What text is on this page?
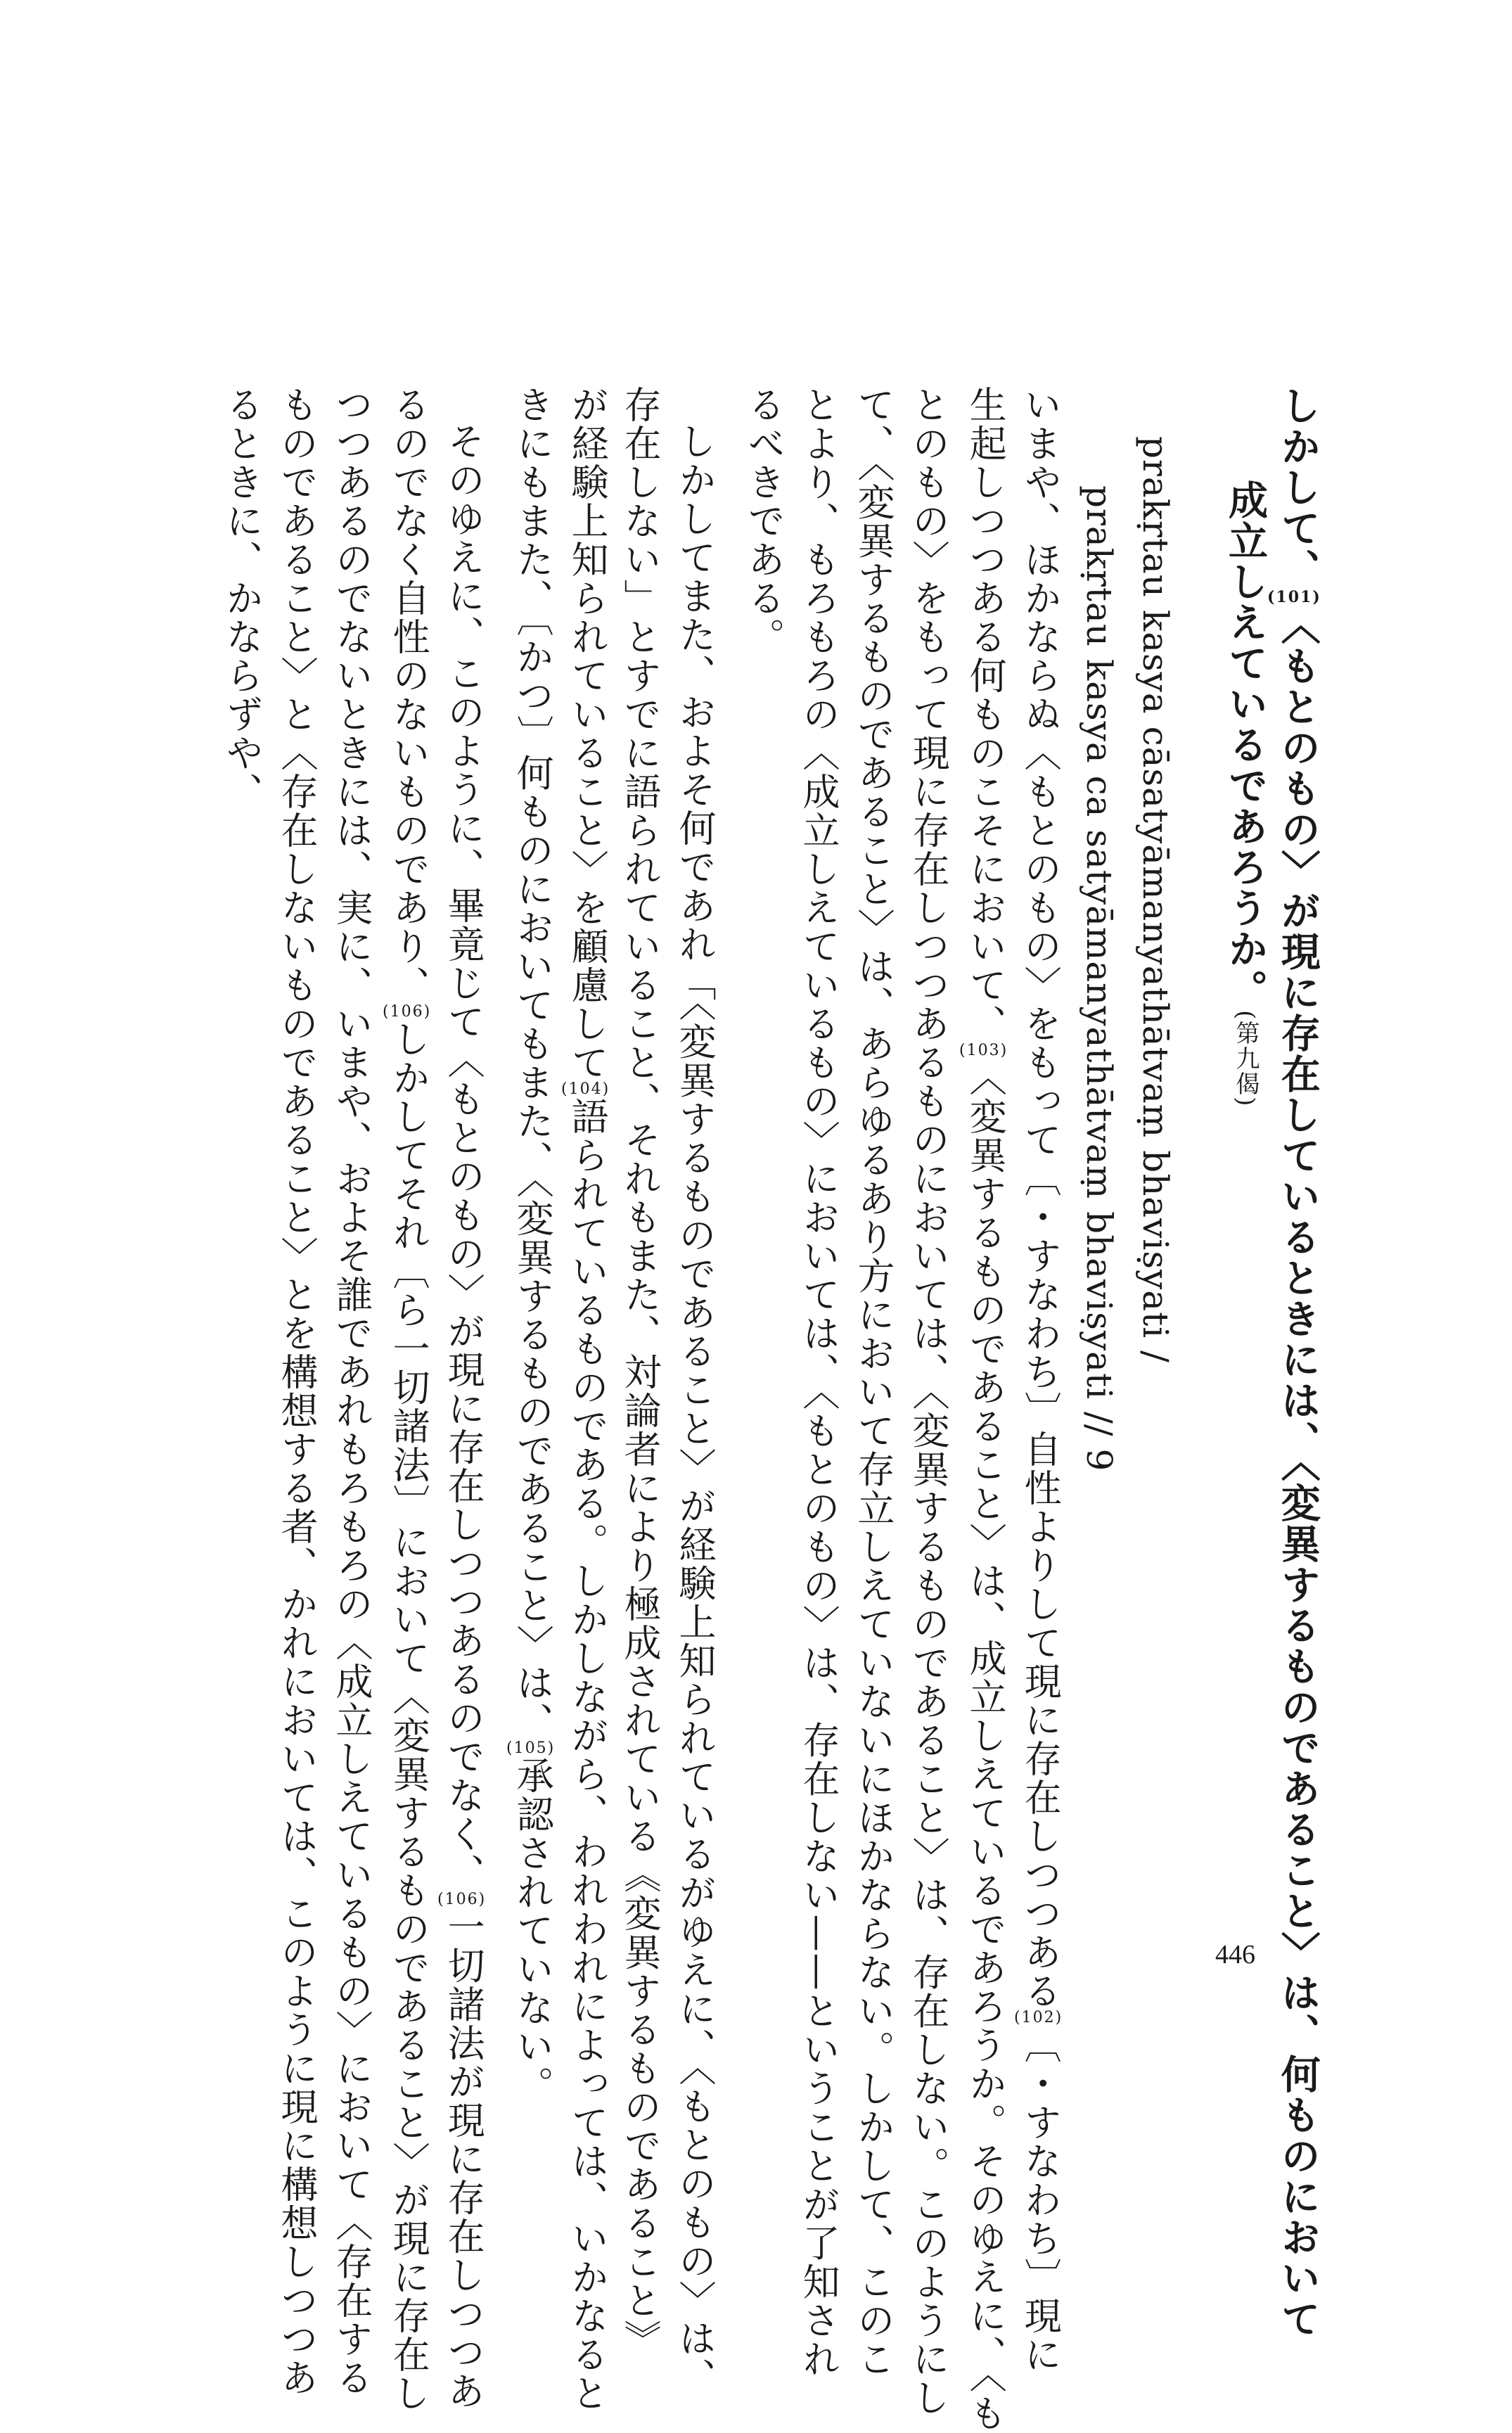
しかして、(101)〈もとのもの〉が現に存在しているときには、〈変異するものであること〉は、何ものにおいて
成立しえているであろうか。(第九偈)
prakṛtau kasya cāsatyāmanyathātvaṃ bhaviṣyati /
prakṛtau kasya ca satyāmanyathātvaṃ bhaviṣyati // 9
いまや、ほかならぬ〈もとのもの〉をもって〔・すなわち〕自性よりして現に存在しつつある(102)〔・すなわち〕現に
生起しつつある何ものこそにおいて、(103)〈変異するものであること〉は、成立しえているであろうか。そのゆえに、〈も
とのもの〉をもって現に存在しつつあるものにおいては、〈変異するものであること〉は、存在しない。このようにし
て、〈変異するものであること〉は、あらゆるあり方において存立しえていないにほかならない。しかして、このこ
とより、もろもろの〈成立しえているもの〉においては、〈もとのもの〉は、存在しない——ということが了知され
るべきである。
しかしてまた、およそ何であれ「〈変異するものであること〉が経験上知られているがゆえに、〈もとのもの〉は、
存在しない」とすでに語られていること、それもまた、対論者により極成されている《変異するものであること》
が経験上知られていること〉を顧慮して(104)語られているものである。しかしながら、われわれによっては、いかなると
きにもまた、〔かつ〕何ものにおいてもまた、〈変異するものであること〉は、(105)承認されていない。
そのゆえに、このように、畢竟じて〈もとのもの〉が現に存在しつつあるのでなく、(106)一切諸法が現に存在しつつあ
るのでなく自性のないものであり、(106)しかしてそれ〔ら一切諸法〕において〈変異するものであること〉が現に存在し
つつあるのでないときには、実に、いまや、およそ誰であれもろもろの〈成立しえているもの〉において〈存在する
ものであること〉と〈存在しないものであること〉とを構想する者、かれにおいては、このように現に構想しつつあ
るときに、かならずや、
446
